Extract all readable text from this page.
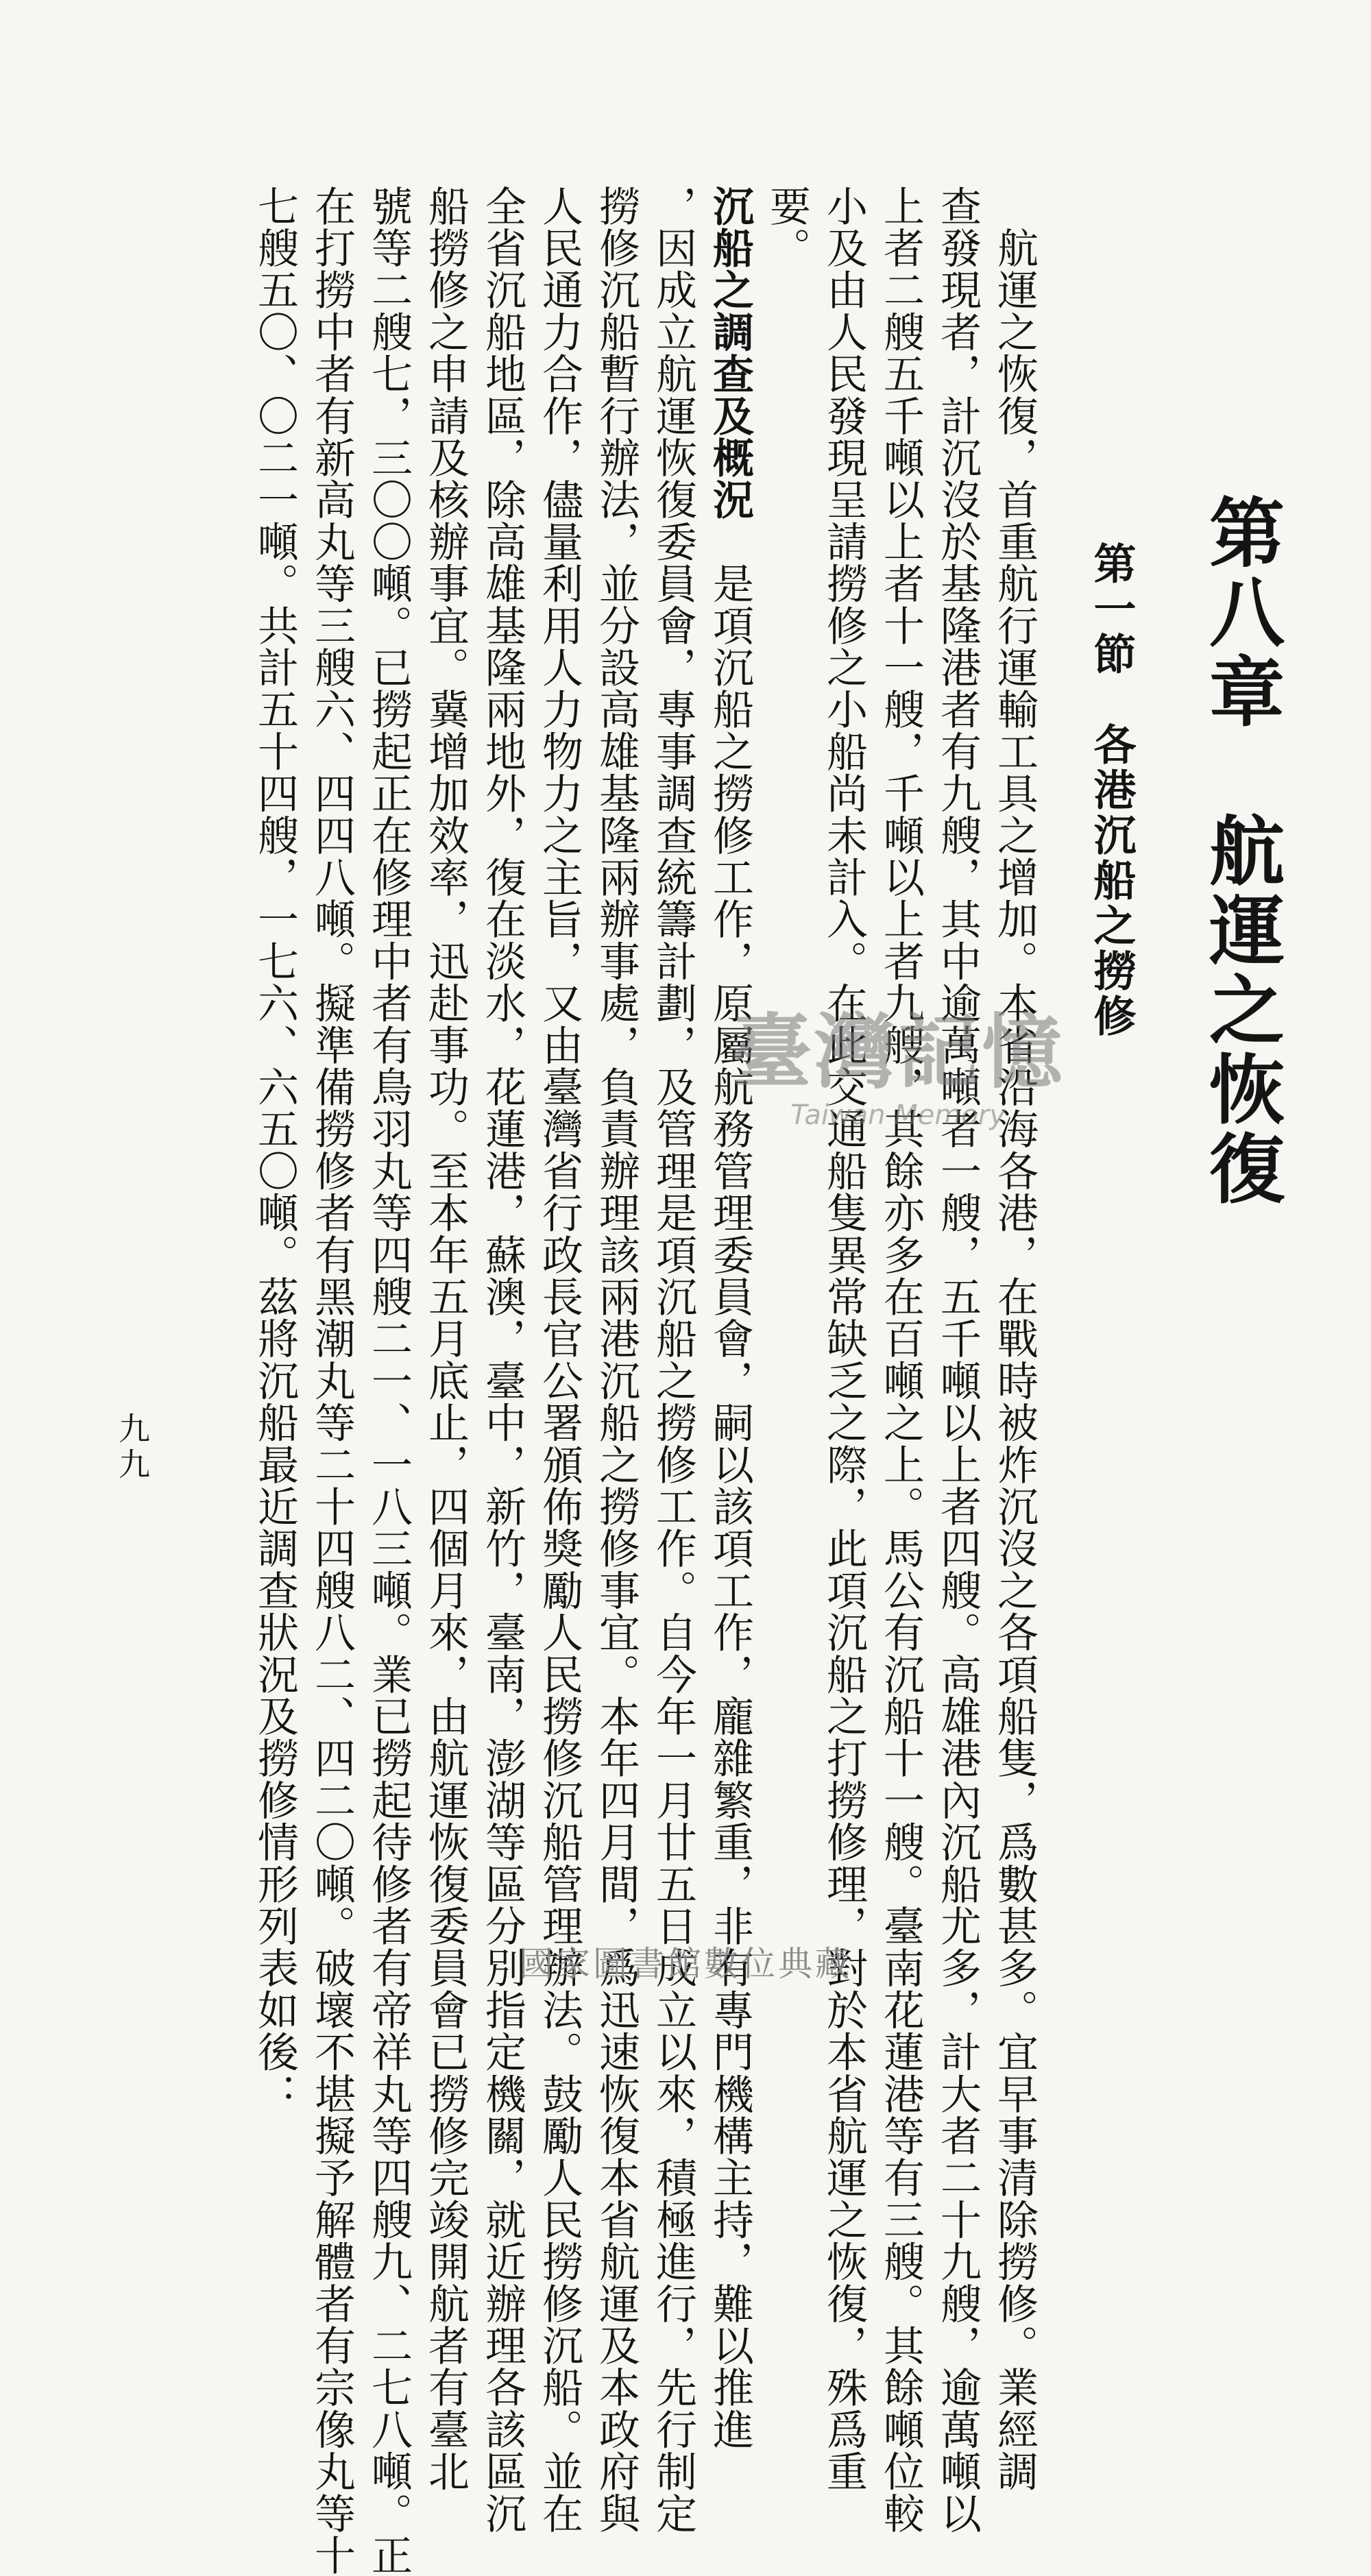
第八章　航運之恢復
第一節　各港沉船之撈修
　航運之恢復，首重航行運輸工具之增加。本省沿海各港，在戰時被炸沉沒之各項船隻，爲數甚多。宜早事清除撈修。業經調
查發現者，計沉沒於基隆港者有九艘，其中逾萬噸者一艘，五千噸以上者四艘。高雄港內沉船尤多，計大者二十九艘，逾萬噸以
上者二艘五千噸以上者十一艘，千噸以上者九艘，其餘亦多在百噸之上。馬公有沉船十一艘。臺南花蓮港等有三艘。其餘噸位較
小及由人民發現呈請撈修之小船尚未計入。在此交通船隻異常缺乏之際，此項沉船之打撈修理，對於本省航運之恢復，殊爲重
要。
沉船之調查及概況　是項沉船之撈修工作，原屬航務管理委員會，嗣以該項工作，龐雜繁重，非有專門機構主持，難以推進
，因成立航運恢復委員會，專事調查統籌計劃，及管理是項沉船之撈修工作。自今年一月廿五日成立以來，積極進行，先行制定
撈修沉船暫行辦法，並分設高雄基隆兩辦事處，負責辦理該兩港沉船之撈修事宜。本年四月間，爲迅速恢復本省航運及本政府與
人民通力合作，儘量利用人力物力之主旨，又由臺灣省行政長官公署頒佈獎勵人民撈修沉船管理辦法。鼓勵人民撈修沉船。並在
全省沉船地區，除高雄基隆兩地外，復在淡水，花蓮港，蘇澳，臺中，新竹，臺南，澎湖等區分別指定機關，就近辦理各該區沉
船撈修之申請及核辦事宜。冀增加效率，迅赴事功。至本年五月底止，四個月來，由航運恢復委員會已撈修完竣開航者有臺北
號等二艘七，三〇〇噸。已撈起正在修理中者有鳥羽丸等四艘二一、一八三噸。業已撈起待修者有帝祥丸等四艘九、二七八噸。正
在打撈中者有新高丸等三艘六、四四八噸。擬準備撈修者有黑潮丸等二十四艘八二、四二〇噸。破壞不堪擬予解體者有宗像丸等十
七艘五〇、〇二一噸。共計五十四艘，一七六、六五〇噸。茲將沉船最近調查狀況及撈修情形列表如後：
九九
臺灣記憶
Taiwan Memory
國家圖書館數位典藏
